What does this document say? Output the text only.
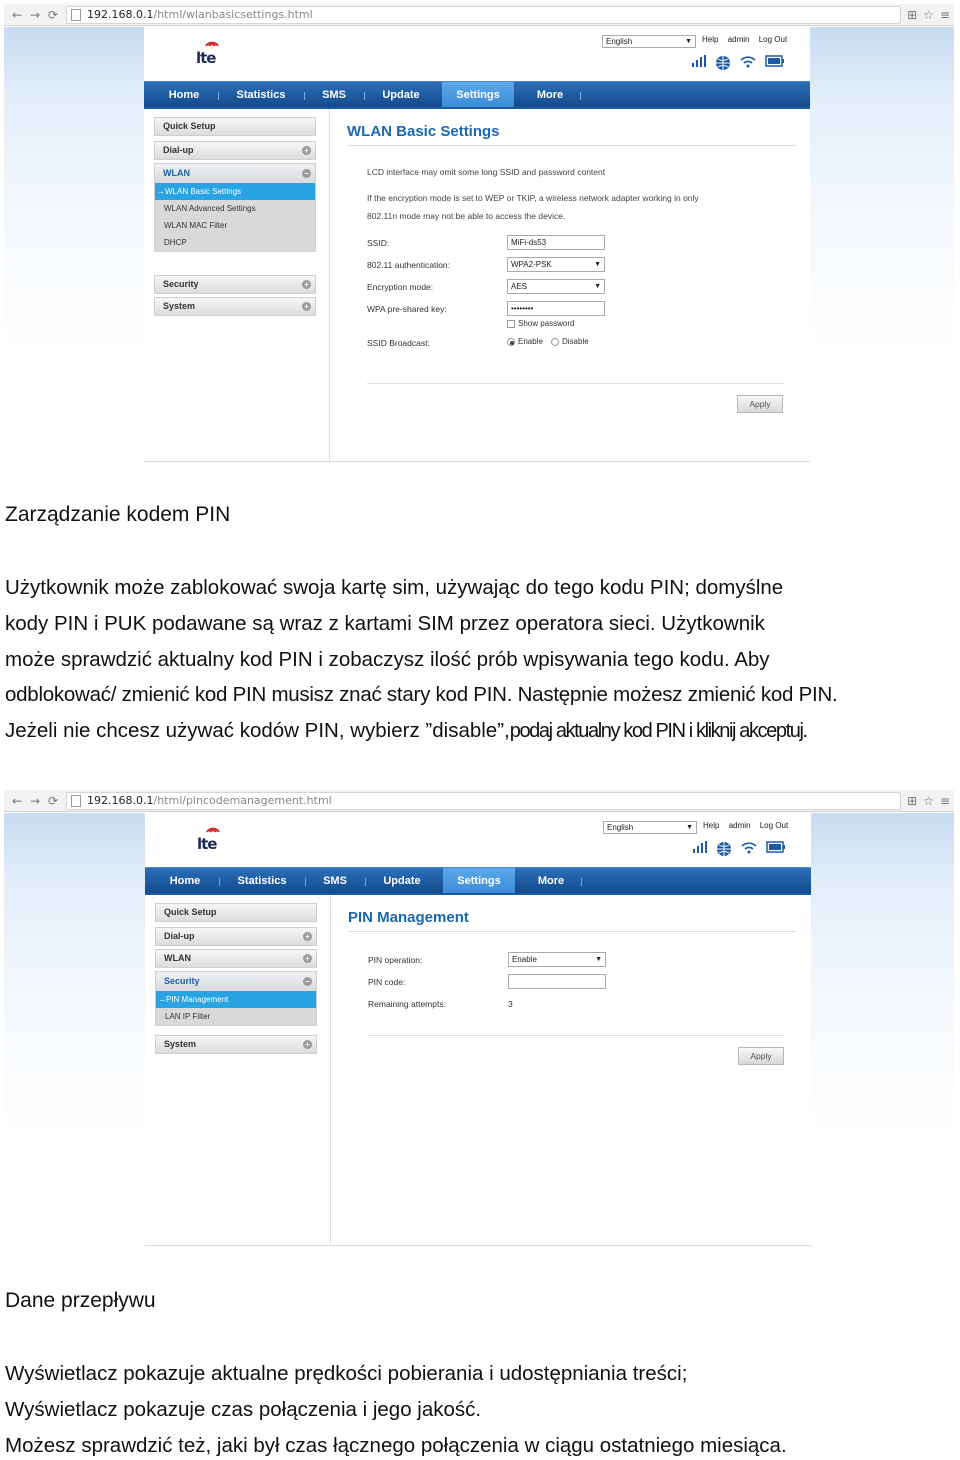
← → ⟳	192.168.0.1 /html/wlanbasicsettings.html	⊞ ☆ ≡
lte
English	▼ Help admin Log Out
Home	Statistics	SMS	Update	Settings	More
Quick Setup
Dial-up	+
WLAN	−
→WLAN Basic Settings
WLAN Advanced Settings
WLAN MAC Filter
DHCP
Security	+
System	+
WLAN Basic Settings
LCD interface may omit some long SSID and password content
If the encryption mode is set to WEP or TKIP, a wireless network adapter working in only
802.11n mode may not be able to access the device.
SSID:	MiFi-ds53
802.11 authentication:	WPA2-PSK	▼
Encryption mode:	AES	▼
WPA pre-shared key:	••••••••
Show password
SSID Broadcast:	Enable Disable
Apply
Zarządzanie kodem PIN

Użytkownik może zablokować swoja kartę sim, używając do tego kodu PIN; domyślne

kody PIN i PUK podawane są wraz z kartami SIM przez operatora sieci. Użytkownik

może sprawdzić aktualny kod PIN i zobaczysz ilość prób wpisywania tego kodu. Aby

odblokować/ zmienić kod PIN musisz znać stary kod PIN. Następnie możesz zmienić kod PIN.

Jeżeli nie chcesz używać kodów PIN, wybierz ”disable”,podaj aktualny kod PIN i kliknij akceptuj.

← → ⟳	192.168.0.1 /html/pincodemanagement.html	⊞ ☆ ≡
lte
English	▼ Help admin Log Out
Home	Statistics	SMS	Update	Settings	More
Quick Setup
Dial-up	+
WLAN	+
Security	−
→PIN Management
LAN IP Filter
System	+
PIN Management
PIN operation:	Enable	▼
PIN code:
Remaining attempts:	3
Apply
Dane przepływu

Wyświetlacz pokazuje aktualne prędkości pobierania i udostępniania treści;

Wyświetlacz pokazuje czas połączenia i jego jakość.

Możesz sprawdzić też, jaki był czas łącznego połączenia w ciągu ostatniego miesiąca.
